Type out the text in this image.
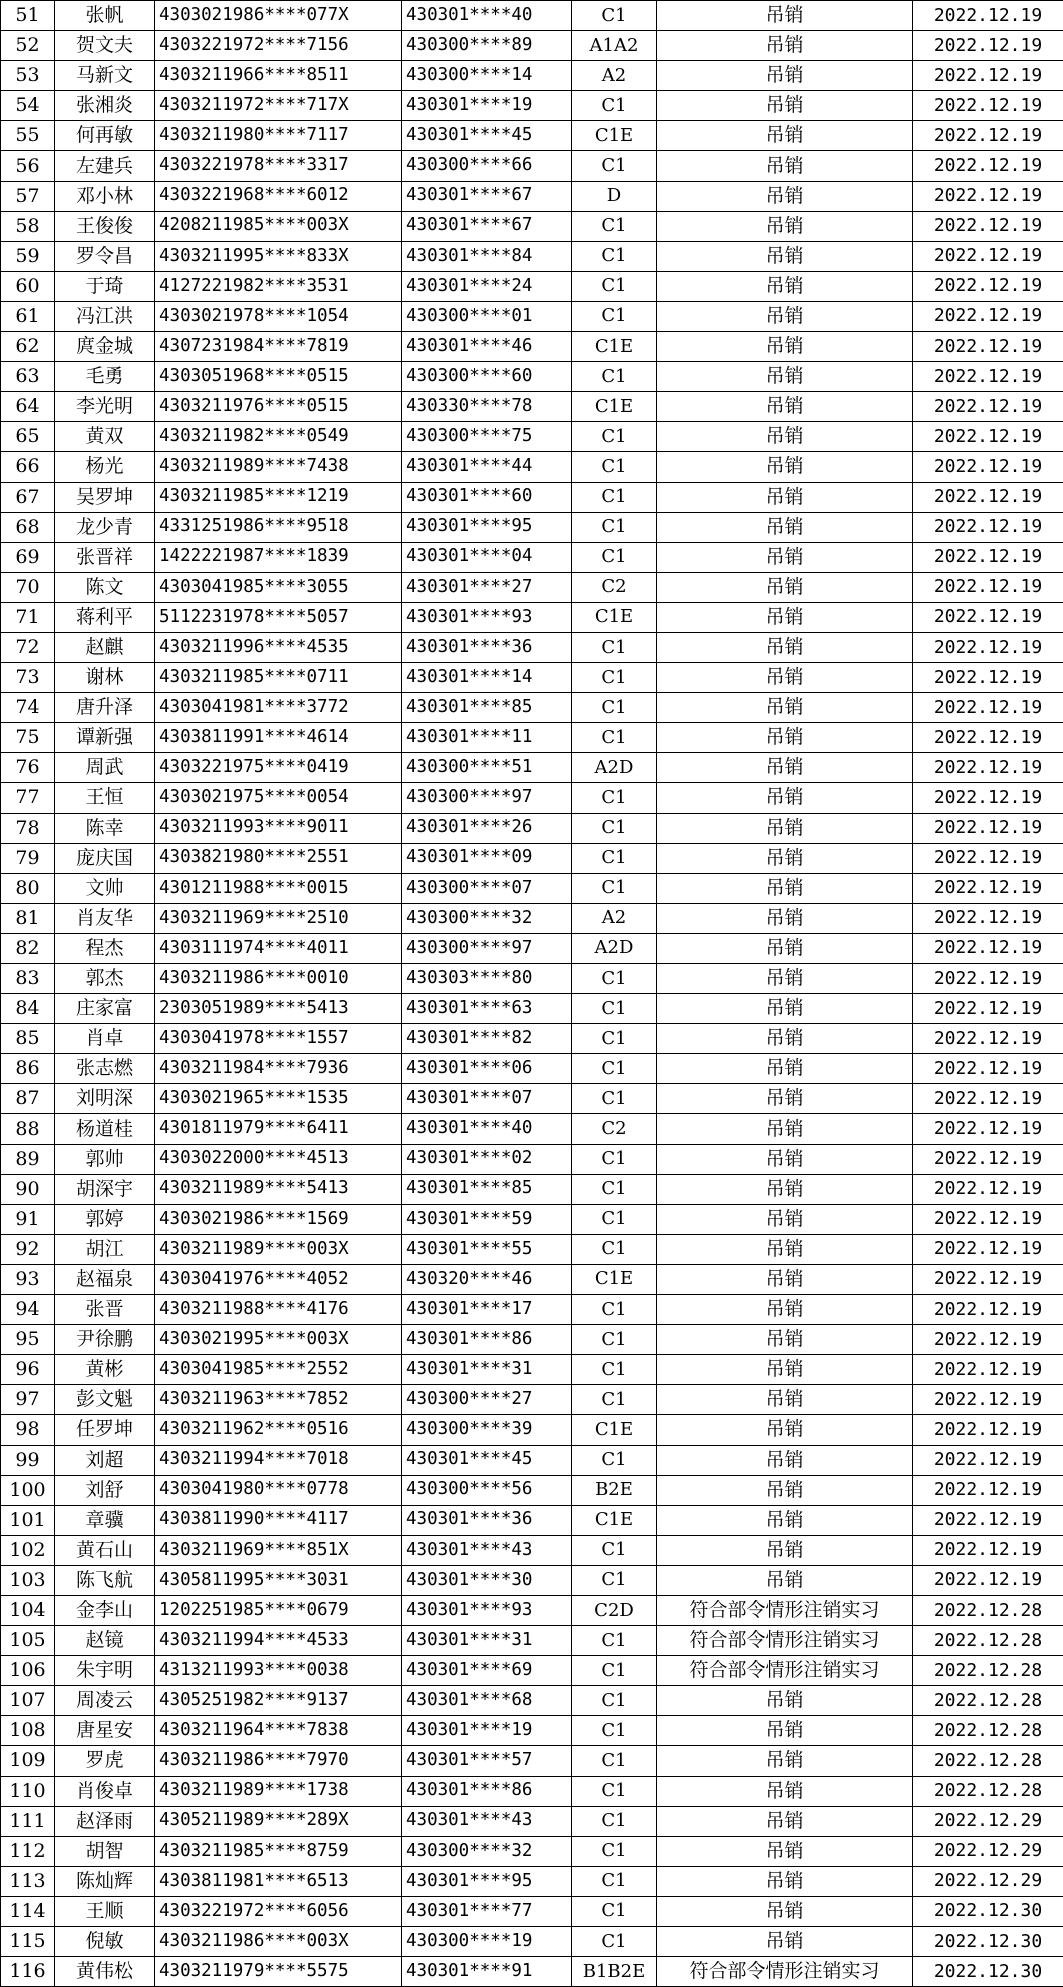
51	张帆	4303021986****077X	430301****40	C1	吊销	2022.12.19
52	贺文夫	4303221972****7156	430300****89	A1A2	吊销	2022.12.19
53	马新文	4303211966****8511	430300****14	A2	吊销	2022.12.19
54	张湘炎	4303211972****717X	430301****19	C1	吊销	2022.12.19
55	何再敏	4303211980****7117	430301****45	C1E	吊销	2022.12.19
56	左建兵	4303221978****3317	430300****66	C1	吊销	2022.12.19
57	邓小林	4303221968****6012	430301****67	D	吊销	2022.12.19
58	王俊俊	4208211985****003X	430301****67	C1	吊销	2022.12.19
59	罗令昌	4303211995****833X	430301****84	C1	吊销	2022.12.19
60	于琦	4127221982****3531	430301****24	C1	吊销	2022.12.19
61	冯江洪	4303021978****1054	430300****01	C1	吊销	2022.12.19
62	庹金城	4307231984****7819	430301****46	C1E	吊销	2022.12.19
63	毛勇	4303051968****0515	430300****60	C1	吊销	2022.12.19
64	李光明	4303211976****0515	430330****78	C1E	吊销	2022.12.19
65	黄双	4303211982****0549	430300****75	C1	吊销	2022.12.19
66	杨光	4303211989****7438	430301****44	C1	吊销	2022.12.19
67	吴罗坤	4303211985****1219	430301****60	C1	吊销	2022.12.19
68	龙少青	4331251986****9518	430301****95	C1	吊销	2022.12.19
69	张晋祥	1422221987****1839	430301****04	C1	吊销	2022.12.19
70	陈文	4303041985****3055	430301****27	C2	吊销	2022.12.19
71	蒋利平	5112231978****5057	430301****93	C1E	吊销	2022.12.19
72	赵麒	4303211996****4535	430301****36	C1	吊销	2022.12.19
73	谢林	4303211985****0711	430301****14	C1	吊销	2022.12.19
74	唐升泽	4303041981****3772	430301****85	C1	吊销	2022.12.19
75	谭新强	4303811991****4614	430301****11	C1	吊销	2022.12.19
76	周武	4303221975****0419	430300****51	A2D	吊销	2022.12.19
77	王恒	4303021975****0054	430300****97	C1	吊销	2022.12.19
78	陈幸	4303211993****9011	430301****26	C1	吊销	2022.12.19
79	庞庆国	4303821980****2551	430301****09	C1	吊销	2022.12.19
80	文帅	4301211988****0015	430300****07	C1	吊销	2022.12.19
81	肖友华	4303211969****2510	430300****32	A2	吊销	2022.12.19
82	程杰	4303111974****4011	430300****97	A2D	吊销	2022.12.19
83	郭杰	4303211986****0010	430303****80	C1	吊销	2022.12.19
84	庄家富	2303051989****5413	430301****63	C1	吊销	2022.12.19
85	肖卓	4303041978****1557	430301****82	C1	吊销	2022.12.19
86	张志燃	4303211984****7936	430301****06	C1	吊销	2022.12.19
87	刘明深	4303021965****1535	430301****07	C1	吊销	2022.12.19
88	杨道桂	4301811979****6411	430301****40	C2	吊销	2022.12.19
89	郭帅	4303022000****4513	430301****02	C1	吊销	2022.12.19
90	胡深宇	4303211989****5413	430301****85	C1	吊销	2022.12.19
91	郭婷	4303021986****1569	430301****59	C1	吊销	2022.12.19
92	胡江	4303211989****003X	430301****55	C1	吊销	2022.12.19
93	赵福泉	4303041976****4052	430320****46	C1E	吊销	2022.12.19
94	张晋	4303211988****4176	430301****17	C1	吊销	2022.12.19
95	尹徐鹏	4303021995****003X	430301****86	C1	吊销	2022.12.19
96	黄彬	4303041985****2552	430301****31	C1	吊销	2022.12.19
97	彭文魁	4303211963****7852	430300****27	C1	吊销	2022.12.19
98	任罗坤	4303211962****0516	430300****39	C1E	吊销	2022.12.19
99	刘超	4303211994****7018	430301****45	C1	吊销	2022.12.19
100	刘舒	4303041980****0778	430300****56	B2E	吊销	2022.12.19
101	章骥	4303811990****4117	430301****36	C1E	吊销	2022.12.19
102	黄石山	4303211969****851X	430301****43	C1	吊销	2022.12.19
103	陈飞航	4305811995****3031	430301****30	C1	吊销	2022.12.19
104	金李山	1202251985****0679	430301****93	C2D	符合部令情形注销实习	2022.12.28
105	赵镜	4303211994****4533	430301****31	C1	符合部令情形注销实习	2022.12.28
106	朱宇明	4313211993****0038	430301****69	C1	符合部令情形注销实习	2022.12.28
107	周凌云	4305251982****9137	430301****68	C1	吊销	2022.12.28
108	唐星安	4303211964****7838	430301****19	C1	吊销	2022.12.28
109	罗虎	4303211986****7970	430301****57	C1	吊销	2022.12.28
110	肖俊卓	4303211989****1738	430301****86	C1	吊销	2022.12.28
111	赵泽雨	4305211989****289X	430301****43	C1	吊销	2022.12.29
112	胡智	4303211985****8759	430300****32	C1	吊销	2022.12.29
113	陈灿辉	4303811981****6513	430301****95	C1	吊销	2022.12.29
114	王顺	4303221972****6056	430301****77	C1	吊销	2022.12.30
115	倪敏	4303211986****003X	430300****19	C1	吊销	2022.12.30
116	黄伟松	4303211979****5575	430301****91	B1B2E	符合部令情形注销实习	2022.12.30
